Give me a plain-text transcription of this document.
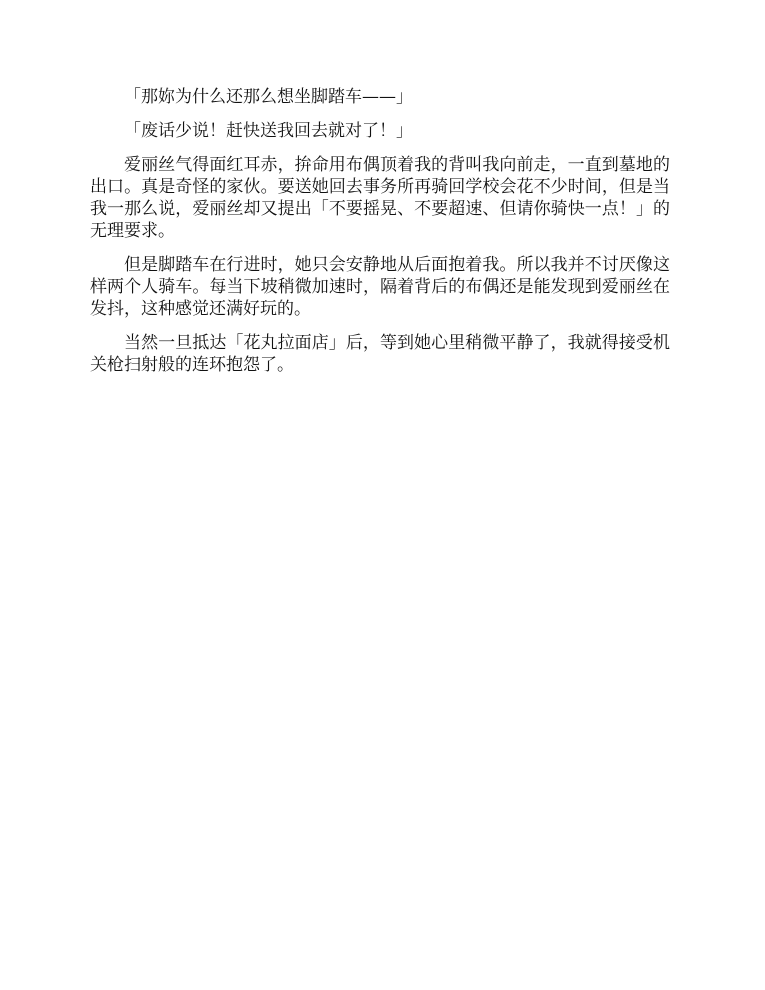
「那妳为什么还那么想坐脚踏车——」

「废话少说！赶快送我回去就对了！」

爱丽丝气得面红耳赤，拚命用布偶顶着我的背叫我向前走，一直到墓地的出口。真是奇怪的家伙。要送她回去事务所再骑回学校会花不少时间，但是当我一那么说，爱丽丝却又提出「不要摇晃、不要超速、但请你骑快一点！」的无理要求。

但是脚踏车在行进时，她只会安静地从后面抱着我。所以我并不讨厌像这样两个人骑车。每当下坡稍微加速时，隔着背后的布偶还是能发现到爱丽丝在发抖，这种感觉还满好玩的。

当然一旦抵达「花丸拉面店」后，等到她心里稍微平静了，我就得接受机关枪扫射般的连环抱怨了。
